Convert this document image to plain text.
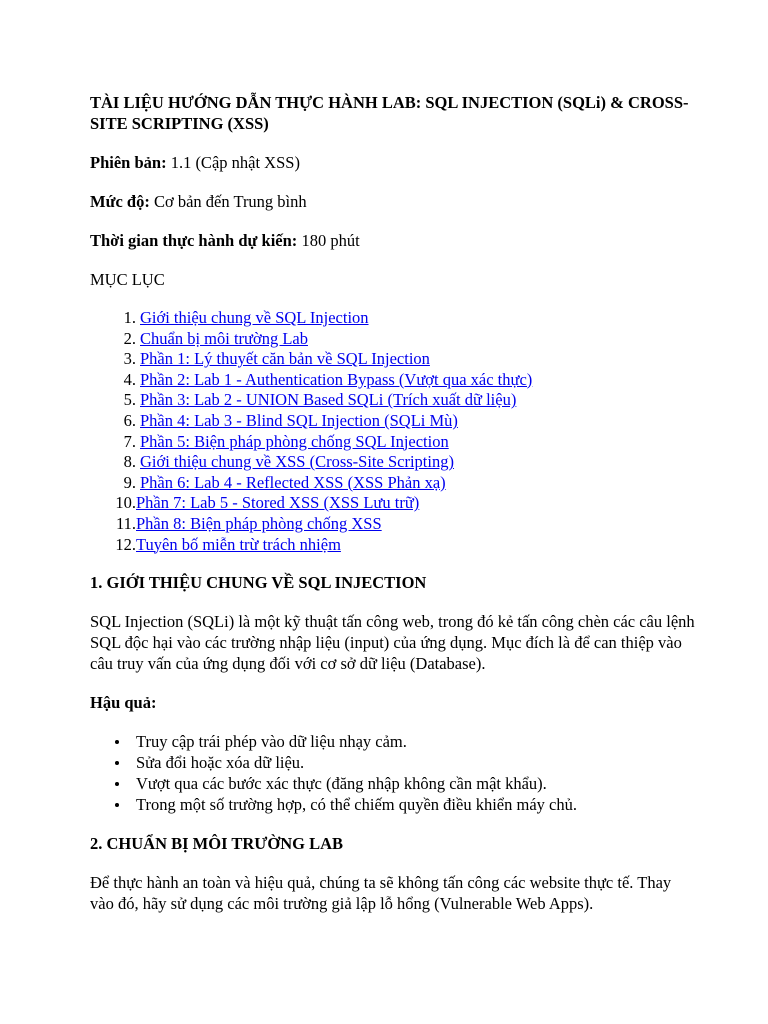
TÀI LIỆU HƯỚNG DẪN THỰC HÀNH LAB: SQL INJECTION (SQLi) & CROSS-SITE SCRIPTING (XSS)
Phiên bản: 1.1 (Cập nhật XSS)
Mức độ: Cơ bản đến Trung bình
Thời gian thực hành dự kiến: 180 phút
MỤC LỤC
1. Giới thiệu chung về SQL Injection
2. Chuẩn bị môi trường Lab
3. Phần 1: Lý thuyết căn bản về SQL Injection
4. Phần 2: Lab 1 - Authentication Bypass (Vượt qua xác thực)
5. Phần 3: Lab 2 - UNION Based SQLi (Trích xuất dữ liệu)
6. Phần 4: Lab 3 - Blind SQL Injection (SQLi Mù)
7. Phần 5: Biện pháp phòng chống SQL Injection
8. Giới thiệu chung về XSS (Cross-Site Scripting)
9. Phần 6: Lab 4 - Reflected XSS (XSS Phản xạ)
10. Phần 7: Lab 5 - Stored XSS (XSS Lưu trữ)
11. Phần 8: Biện pháp phòng chống XSS
12. Tuyên bố miễn trừ trách nhiệm
1. GIỚI THIỆU CHUNG VỀ SQL INJECTION

SQL Injection (SQLi) là một kỹ thuật tấn công web, trong đó kẻ tấn công chèn các câu lệnh SQL độc hại vào các trường nhập liệu (input) của ứng dụng. Mục đích là để can thiệp vào câu truy vấn của ứng dụng đối với cơ sở dữ liệu (Database).

Hậu quả:
Truy cập trái phép vào dữ liệu nhạy cảm.
Sửa đổi hoặc xóa dữ liệu.
Vượt qua các bước xác thực (đăng nhập không cần mật khẩu).
Trong một số trường hợp, có thể chiếm quyền điều khiển máy chủ.
2. CHUẨN BỊ MÔI TRƯỜNG LAB

Để thực hành an toàn và hiệu quả, chúng ta sẽ không tấn công các website thực tế. Thay vào đó, hãy sử dụng các môi trường giả lập lỗ hổng (Vulnerable Web Apps).
